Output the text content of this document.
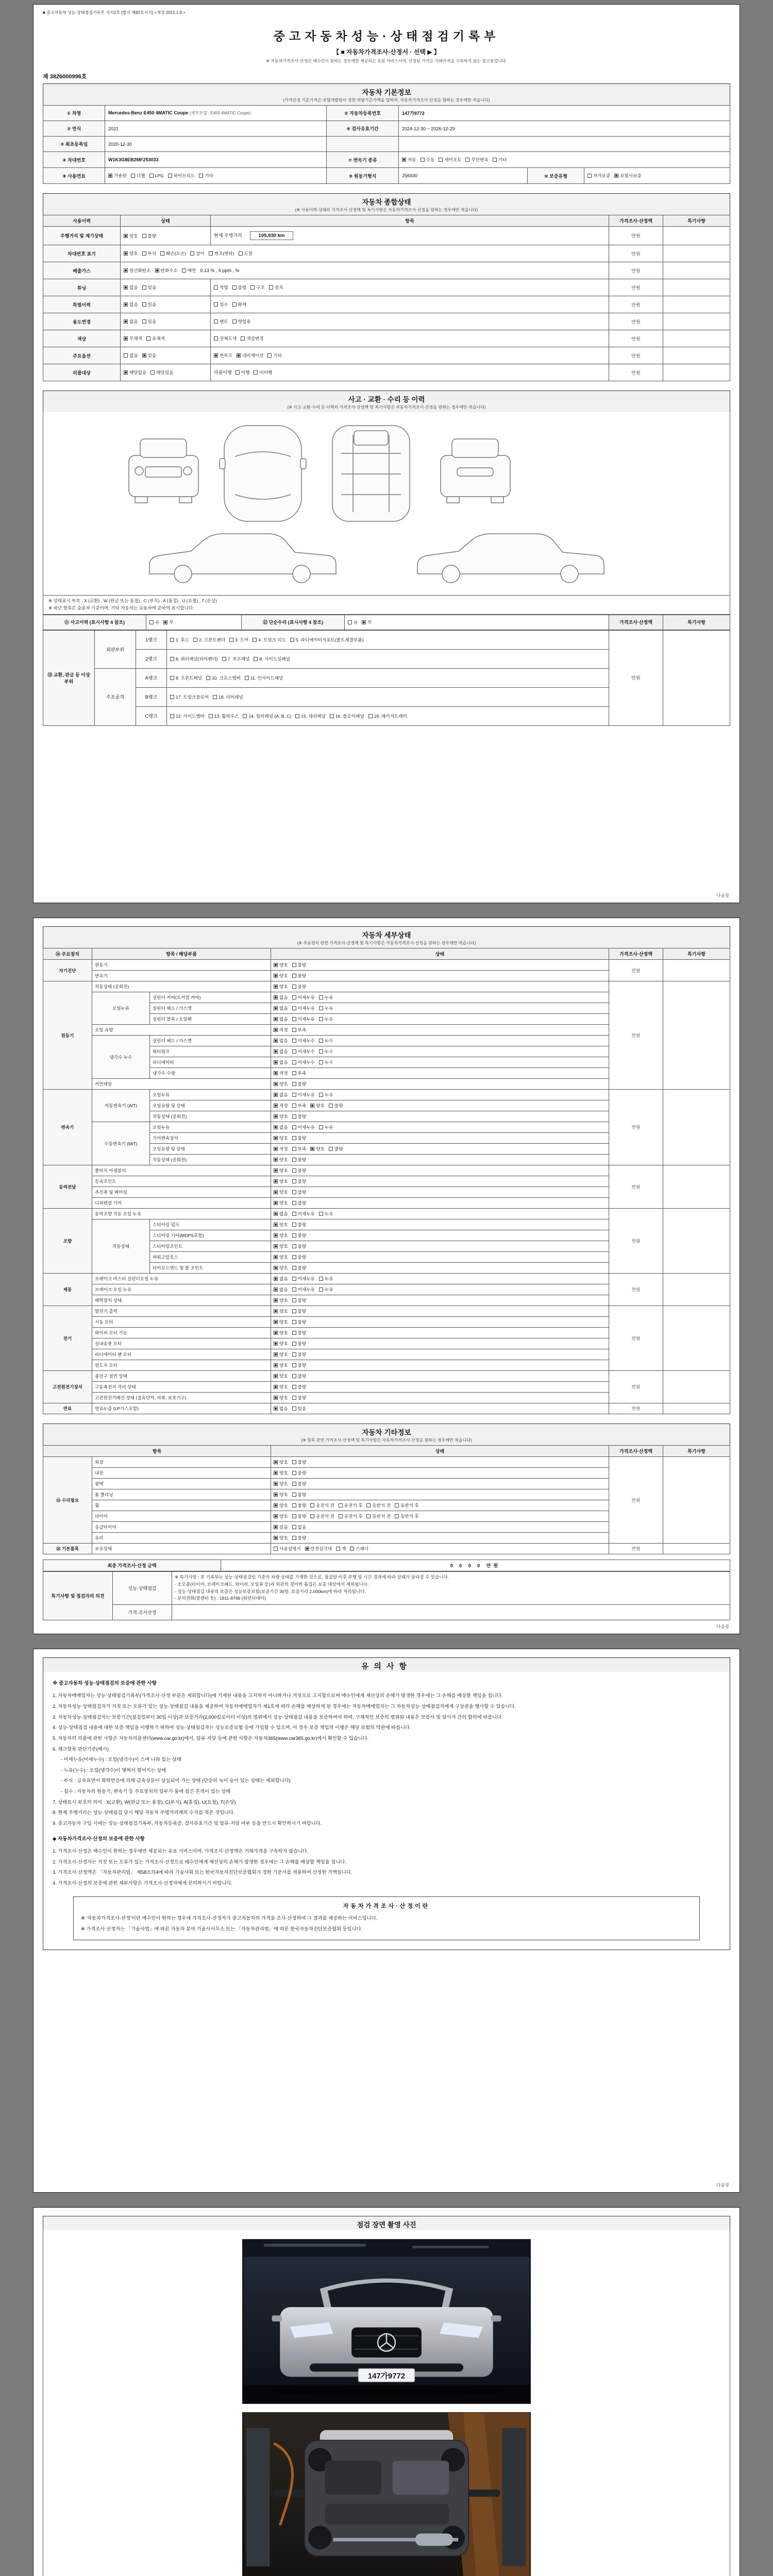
■ 중고자동차 성능·상태점검기록부 서식2호 [별지 제82호서식] <개정 2021.1.9.>
중고자동차성능·상태점검기록부
【 ■ 자동차가격조사·산정서 · 선택 ▶ 】
※ 자동차가격조사·산정은 매수인이 원하는 경우에만 제공되는 유료 서비스이며, 산정된 가격은 거래가격을 구속하지 않는 참고용입니다.
제 3826000996호
자동차 기본정보
(가격산정 기준가격은 보험개발원이 정한 차량기준가액을 말하며, 자동차가격조사·산정을 원하는 경우에만 적습니다)
① 차명	Mercedes-Benz E450 4MATIC Coupe (세부모델 : E450 4MATIC Coupe)	⑤ 자동차등록번호	147가9772		
② 연식	2021	⑥ 검사유효기간	2024-12-30 ~ 2026-12-29		
③ 최초등록일	2020-12-30				
④ 차대번호	W1K3G8EB2MF253033	⑦ 변속기 종류	자동 수동 세미오토 무단변속 기타		
⑧ 사용연료	가솔린 디젤 LPG 하이브리드 기타	⑨ 원동기형식	256930	⑩ 보증유형	자가보증 보험사보증
자동차 종합상태
(※ 사용이력·상태의 가격조사·산정액 및 특기사항은 자동차가격조사·산정을 원하는 경우에만 적습니다)
사용이력	상태	항목	가격조사·산정액	특기사항
주행거리 및 계기상태	양호 불량	현재 주행거리 105,930 km	만원	
차대번호 표기	양호 부식 훼손(오손) 상이 변조(변타) 도말		만원	
배출가스	일산화탄소 탄화수소 매연 0.13 % , 6 ppm , %		만원	
튜닝	없음 있음	적법 불법 구조 장치	만원	
특별이력	없음 있음	침수 화재	만원	
용도변경	없음 있음	렌트 영업용	만원	
색상	무채색 유채색	전체도색 색상변경	만원	
주요옵션	없음 있음	썬루프 네비게이션 기타	만원	
리콜대상	해당없음 해당있음	리콜이행 이행 미이행	만원	
사고 · 교환 · 수리 등 이력
(※ 사고·교환·수리 등 이력의 가격조사·산정액 및 특기사항은 자동차가격조사·산정을 원하는 경우에만 적습니다)
※ 상태표시 부호 : X (교환) , W (판금 또는 용접) , C (부식) , A (흠집) , U (요철) , T (손상)
※ 하단 항목은 승용차 기준이며, 기타 자동차는 승용차에 준하여 표시합니다.
⑪ 사고이력 (표시사항 4 참조)	유 무	⑫ 단순수리 (표시사항 4 참조)	유 무	가격조사·산정액	특기사항
⑬ 교환, 판금 등 이상 부위	외판부위	1랭크	1. 후드 2. 프론트펜더 3. 도어 4. 트렁크 리드 5. 라디에이터서포트(볼트체결부품)	만원	
		2랭크	6. 쿼터패널(리어펜더) 7. 루프패널 8. 사이드실패널		
	주요골격	A랭크	9. 프론트패널 10. 크로스멤버 11. 인사이드패널		
		B랭크	17. 트렁크플로어 18. 리어패널		
		C랭크	12. 사이드멤버 13. 휠하우스 14. 필러패널 (A, B, C) 15. 대쉬패널 16. 플로어패널 19. 패키지트레이		
다음장
자동차 세부상태
(※ 주요장치 관련 가격조사·산정액 및 특기사항은 자동차가격조사·산정을 원하는 경우에만 적습니다)
⑭ 주요장치	항목 / 해당부품		상태	가격조사·산정액	특기사항
자기진단	원동기		양호 불량	만원	
	변속기		양호 불량		
원동기	작동상태 (공회전)		양호 불량	만원	
	오일누유	실린더 커버(로커암 커버)	없음 미세누유 누유		
		실린더 헤드 / 가스켓	없음 미세누유 누유		
		실린더 블록 / 오일팬	없음 미세누유 누유		
	오일 유량		적정 부족		
	냉각수 누수	실린더 헤드 / 가스켓	없음 미세누수 누수		
		워터펌프	없음 미세누수 누수		
		라디에이터	없음 미세누수 누수		
		냉각수 수량	적정 부족		
	커먼레일		양호 불량		
변속기	자동변속기 (A/T)	오일누유	없음 미세누유 누유	만원	
		오일유량 및 상태	적정 부족 양호 불량		
		작동상태 (공회전)	양호 불량		
	수동변속기 (M/T)	오일누유	없음 미세누유 누유		
		기어변속장치	양호 불량		
		오일유량 및 상태	적정 부족 양호 불량		
		작동상태 (공회전)	양호 불량		
동력전달	클러치 어셈블리		양호 불량	만원	
	등속조인트		양호 불량		
	추진축 및 베어링		양호 불량		
	디퍼렌셜 기어		양호 불량		
조향	동력조향 작동 오일 누유		없음 미세누유 누유	만원	
	작동상태	스티어링 펌프	양호 불량		
		스티어링 기어(MDPS포함)	양호 불량		
		스티어링조인트	양호 불량		
		파워고압호스	양호 불량		
		타이로드엔드 및 볼 조인트	양호 불량		
제동	브레이크 마스터 실린더오일 누유		없음 미세누유 누유	만원	
	브레이크 오일 누유		없음 미세누유 누유		
	배력장치 상태		양호 불량		
전기	발전기 출력		양호 불량	만원	
	시동 모터		양호 불량		
	와이퍼 모터 기능		양호 불량		
	실내송풍 모터		양호 불량		
	라디에이터 팬 모터		양호 불량		
	윈도우 모터		양호 불량		
고전원전기장치	충전구 절연 상태		양호 불량	만원	
	구동축전지 격리 상태		양호 불량		
	고전원전기배선 상태 (접속단자, 피복, 보호기구)		양호 불량		
연료	연료누출 (LP가스포함)		없음 있음	만원	
자동차 기타정보
(※ 항목 관련 가격조사·산정액 및 특기사항은 자동차가격조사·산정을 원하는 경우에만 적습니다)
항목		상태	가격조사·산정액	특기사항
⑮ 수리필요	외장	양호 불량	만원	
	내장	양호 불량		
	광택	양호 불량		
	룸 클리닝	양호 불량		
	휠	양호 불량 운전석 전 운전석 후 동반석 전 동반석 후		
	타이어	양호 불량 운전석 전 운전석 후 동반석 전 동반석 후		
	응급타이어	있음 없음		
	유리	양호 불량		
⑯ 기본품목	보유상태	사용설명서 안전삼각대 잭 스패너	만원	
최종 가격조사·산정 금액	0 0 0 0 만원
특기사항 및 점검자의 의견	성능·상태점검	※ 특기사항 : 본 기록부는 성능·상태점검일 기준의 차량 상태를 기재한 것으로, 점검일 이후 주행 및 시간 경과에 따라 상태가 달라질 수 있습니다.
- 소모품(타이어, 브레이크패드, 와이퍼, 오일류 등)과 외관의 경미한 흠집은 보증 대상에서 제외됩니다.
- 성능·상태점검 내용의 보증은 성능보증보험(보증기간 30일, 보증거리 2,000km)에 따라 처리됩니다.
- 문의전화(콜센터 등) : 1811-8766 (워런티데이)

	가격·조사산정	
다음장
유의사항
※ 중고자동차 성능·상태점검의 보증에 관한 사항
1. 자동차매매업자는 성능·상태점검기록부(가격조사·산정 부분은 제외합니다)에 기재된 내용을 고지하지 아니하거나 거짓으로 고지함으로써 매수인에게 재산상의 손해가 발생한 경우에는 그 손해를 배상할 책임을 집니다.
2. 자동차성능·상태점검자가 거짓 또는 오류가 있는 성능·상태점검 내용을 제공하여 자동차매매업자가 제1호에 따라 손해를 배상하게 된 경우에는 자동차매매업자는 그 자동차성능·상태점검자에게 구상권을 행사할 수 있습니다.
3. 자동차성능·상태점검자는 보증기간(점검일부터 30일 이상)과 보증거리(2,000킬로미터 이상)의 범위에서 성능·상태점검 내용을 보증하여야 하며, 구체적인 보증의 범위와 내용은 보증서 및 당사자 간의 합의에 따릅니다.
4. 성능·상태점검 내용에 대한 보증 책임을 이행하기 위하여 성능·상태점검자는 성능보증보험 등에 가입할 수 있으며, 이 경우 보증 책임의 이행은 해당 보험의 약관에 따릅니다.
5. 자동차의 리콜에 관한 사항은 자동차리콜센터(www.car.go.kr)에서, 압류·저당 등에 관한 사항은 자동차365(www.car365.go.kr)에서 확인할 수 있습니다.
6. 체크항목 판단기준(예시)
- 미세누유(미세누수) : 오일(냉각수)이 스며 나와 있는 상태
- 누유(누수) : 오일(냉각수)이 맺혀서 떨어지는 상태
- 부식 : 금속표면이 화학반응에 의해 금속성분이 상실되어 가는 상태 (단순히 녹이 슬어 있는 상태는 제외합니다)
- 침수 : 자동차의 원동기, 변속기 등 주요장치의 일부가 물에 잠긴 흔적이 있는 상태
7. 상태표시 부호의 의미 : X(교환), W(판금 또는 용접), C(부식), A(흠집), U(요철), T(손상)
8. 현재 주행거리는 성능·상태점검 당시 해당 자동차 주행거리계의 수치를 적은 것입니다.
9. 중고자동차 구입 시에는 성능·상태점검기록부, 자동차등록증, 검사유효기간 및 압류·저당 여부 등을 반드시 확인하시기 바랍니다.
◆ 자동차가격조사·산정의 보증에 관한 사항
1. 가격조사·산정은 매수인이 원하는 경우에만 제공되는 유료 서비스이며, 가격조사·산정액은 거래가격을 구속하지 않습니다.
2. 가격조사·산정자는 거짓 또는 오류가 있는 가격조사·산정으로 매수인에게 재산상의 손해가 발생한 경우에는 그 손해를 배상할 책임을 집니다.
3. 가격조사·산정액은 「자동차관리법」 제58조의4에 따라 기술사회 또는 한국자동차진단보증협회가 정한 기준서를 적용하여 산정한 가액입니다.
4. 가격조사·산정의 보증에 관한 세부사항은 가격조사·산정자에게 문의하시기 바랍니다.
자동차가격조사·산정이란
※ '자동차가격조사·산정'이란 매수인이 원하는 경우에 가격조사·산정자가 중고자동차의 가격을 조사·산정하여 그 결과를 제공하는 서비스입니다.
※ 가격조사·산정자는 「기술사법」에 따른 자동차 분야 기술사사무소 또는 「자동차관리법」에 따른 한국자동차진단보증협회 등입니다.
다음장
점검 장면 촬영 사진
147가9772
